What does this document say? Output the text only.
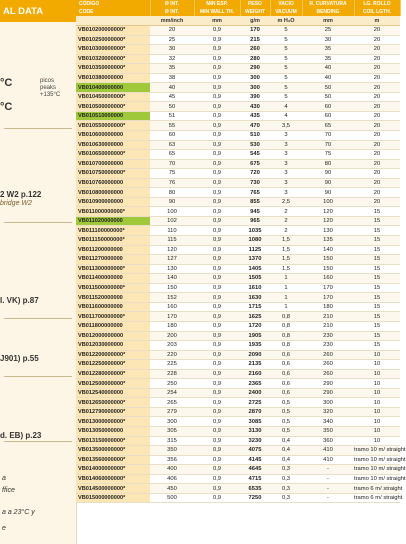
AL DATA
°C	picos
peaks
+135°C
°C
2 W2 p.122
bridge W2
I. VK) p.87
J901) p.55
d. EB) p.23
a
ffice
a a 23°C y
e
CÓDIGO	Ø INT.	MIN ESP.	PESO	VACIO	R. CURVATURA	LG. ROLLO
CODE	Ø INT.	MIN WALL TH.	WEIGHT	VACUUM	BENDING	COIL LGTH.
	mm/inch	mm	g/m	m H₂O	mm	m
VB010200000000*	20	0,9	170	5	25	20
VB010250000000*	25	0,9	215	5	30	20
VB010300000000*	30	0,9	260	5	35	20
VB010320000000*	32	0,9	280	5	35	20
VB010350000000*	35	0,9	290	5	40	20
VB010380000000	38	0,9	300	5	40	20
VB010400000000	40	0,9	300	5	50	20
VB010450000000*	45	0,9	390	5	50	20
VB010500000000*	50	0,9	430	4	60	20
VB010510000000	51	0,9	435	4	60	20
VB010550000000*	55	0,9	470	3,5	65	20
VB010600000000	60	0,9	510	3	70	20
VB010630000000	63	0,9	530	3	70	20
VB010650000000*	65	0,9	545	3	75	20
VB010700000000	70	0,9	675	3	80	20
VB010750000000*	75	0,9	720	3	90	20
VB010760000000	76	0,9	730	3	90	20
VB010800000000	80	0,9	765	3	90	20
VB010900000000	90	0,9	855	2,5	100	20
VB011000000000*	100	0,9	945	2	120	15
VB011020000000	102	0,9	965	2	120	15
VB011100000000*	110	0,9	1035	2	130	15
VB011150000000*	115	0,9	1080	1,5	135	15
VB011200000000	120	0,9	1125	1,5	140	15
VB011270000000	127	0,9	1370	1,5	150	15
VB011300000000*	130	0,9	1405	1,5	150	15
VB011400000000	140	0,9	1505	1	160	15
VB011500000000*	150	0,9	1610	1	170	15
VB011520000000	152	0,9	1630	1	170	15
VB011600000000	160	0,9	1715	1	180	15
VB011700000000*	170	0,9	1625	0,8	210	15
VB011800000000	180	0,9	1720	0,8	210	15
VB012000000000	200	0,9	1905	0,8	230	15
VB012030000000	203	0,9	1935	0,8	230	15
VB012200000000*	220	0,9	2090	0,6	260	10
VB012250000000*	225	0,9	2135	0,6	260	10
VB012280000000*	228	0,9	2160	0,6	260	10
VB012500000000*	250	0,9	2365	0,6	290	10
VB012540000000	254	0,9	2400	0,6	290	10
VB012650000000*	265	0,9	2725	0,5	300	10
VB012790000000*	279	0,9	2870	0,5	320	10
VB013000000000*	300	0,9	3085	0,5	340	10
VB013050000000	305	0,9	3130	0,5	350	10
VB013150000000*	315	0,9	3230	0,4	360	10
VB013500000000*	350	0,9	4075	0,4	410	tramo 10 m/ straight
VB013560000000*	356	0,9	4145	0,4	410	tramo 10 m/ straight
VB014000000000*	400	0,9	4645	0,3	-	tramo 10 m/ straight
VB014060000000*	406	0,9	4715	0,3	-	tramo 10 m/ straight
VB014500000000*	450	0,9	6535	0,3	-	tramo 6 m/ straight
VB015000000000*	500	0,9	7250	0,3	-	tramo 6 m/ straight
